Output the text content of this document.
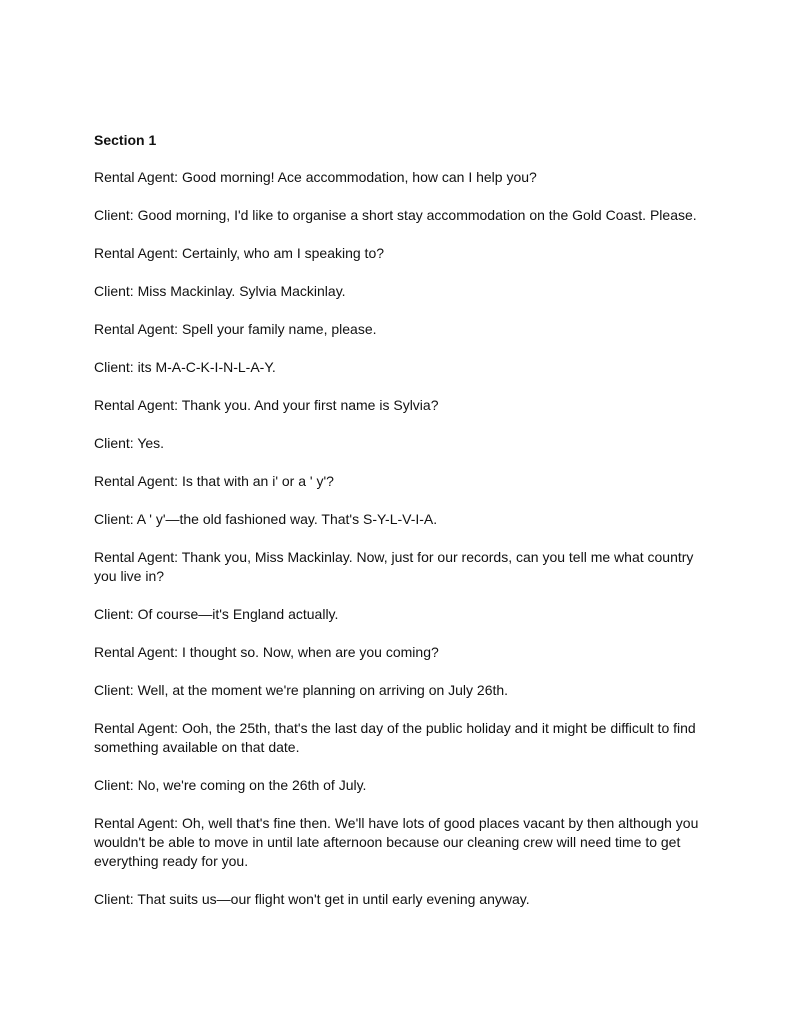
Section 1
Rental Agent: Good morning! Ace accommodation, how can I help you?
Client: Good morning, I'd like to organise a short stay accommodation on the Gold Coast. Please.
Rental Agent: Certainly, who am I speaking to?
Client: Miss Mackinlay. Sylvia Mackinlay.
Rental Agent: Spell your family name, please.
Client: its M-A-C-K-I-N-L-A-Y.
Rental Agent: Thank you. And your first name is Sylvia?
Client: Yes.
Rental Agent: Is that with an i' or a ' y'?
Client: A ' y'—the old fashioned way. That's S-Y-L-V-I-A.
Rental Agent: Thank you, Miss Mackinlay. Now, just for our records, can you tell me what country you live in?
Client: Of course—it's England actually.
Rental Agent: I thought so. Now, when are you coming?
Client: Well, at the moment we're planning on arriving on July 26th.
Rental Agent: Ooh, the 25th, that's the last day of the public holiday and it might be difficult to find something available on that date.
Client: No, we're coming on the 26th of July.
Rental Agent: Oh, well that's fine then. We'll have lots of good places vacant by then although you wouldn't be able to move in until late afternoon because our cleaning crew will need time to get everything ready for you.
Client: That suits us—our flight won't get in until early evening anyway.
